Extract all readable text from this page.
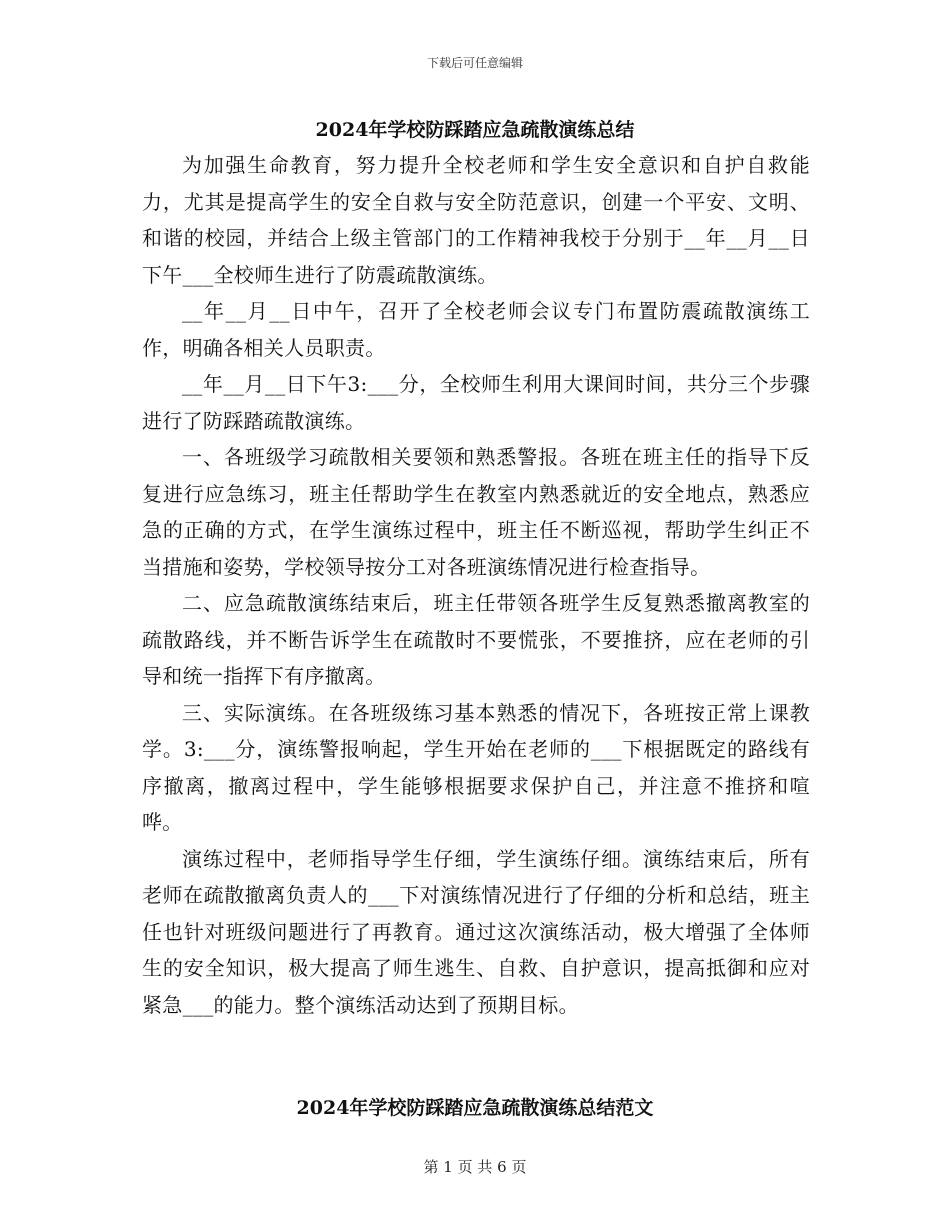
下载后可任意编辑
2024年学校防踩踏应急疏散演练总结

为加强生命教育，努力提升全校老师和学生安全意识和自护自救能力，尤其是提高学生的安全自救与安全防范意识，创建一个平安、文明、和谐的校园，并结合上级主管部门的工作精神我校于分别于__年__月__日下午___全校师生进行了防震疏散演练。

__年__月__日中午，召开了全校老师会议专门布置防震疏散演练工作，明确各相关人员职责。

__年__月__日下午3:___分，全校师生利用大课间时间，共分三个步骤进行了防踩踏疏散演练。

一、各班级学习疏散相关要领和熟悉警报。各班在班主任的指导下反复进行应急练习，班主任帮助学生在教室内熟悉就近的安全地点，熟悉应急的正确的方式，在学生演练过程中，班主任不断巡视，帮助学生纠正不当措施和姿势，学校领导按分工对各班演练情况进行检查指导。

二、应急疏散演练结束后，班主任带领各班学生反复熟悉撤离教室的疏散路线，并不断告诉学生在疏散时不要慌张，不要推挤，应在老师的引导和统一指挥下有序撤离。

三、实际演练。在各班级练习基本熟悉的情况下，各班按正常上课教学。3:___分，演练警报响起，学生开始在老师的___下根据既定的路线有序撤离，撤离过程中，学生能够根据要求保护自己，并注意不推挤和喧哗。

演练过程中，老师指导学生仔细，学生演练仔细。演练结束后，所有老师在疏散撤离负责人的___下对演练情况进行了仔细的分析和总结，班主任也针对班级问题进行了再教育。通过这次演练活动，极大增强了全体师生的安全知识，极大提高了师生逃生、自救、自护意识，提高抵御和应对紧急___的能力。整个演练活动达到了预期目标。

2024年学校防踩踏应急疏散演练总结范文
第 1 页 共 6 页
